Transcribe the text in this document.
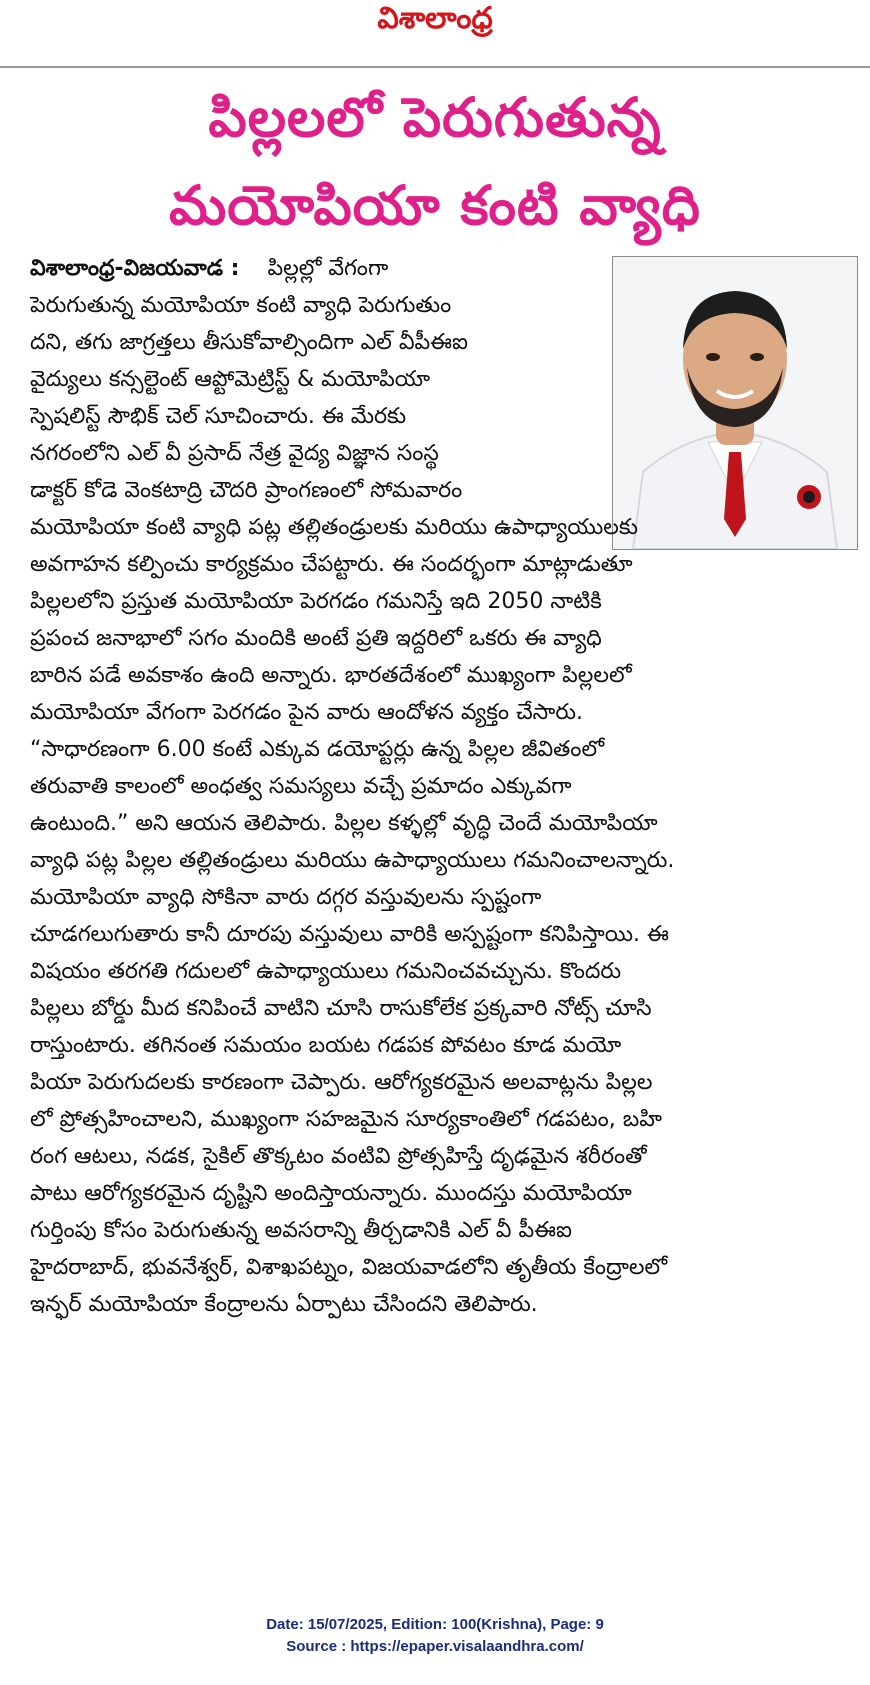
విశాలాంధ్ర
పిల్లలలో పెరుగుతున్న
మయోపియా కంటి వ్యాధి
విశాలాంధ్ర-విజయవాడ : పిల్లల్లో వేగంగా
పెరుగుతున్న మయోపియా కంటి వ్యాధి పెరుగుతుం
దని, తగు జాగ్రత్తలు తీసుకోవాల్సిందిగా ఎల్ వీపీఈఐ
వైద్యులు కన్సల్టెంట్ ఆప్టోమెట్రిస్ట్ & మయోపియా
స్పెషలిస్ట్ సౌభిక్ చెల్ సూచించారు. ఈ మేరకు
నగరంలోని ఎల్ వీ ప్రసాద్ నేత్ర వైద్య విజ్ఞాన సంస్థ
డాక్టర్ కోడె వెంకటాద్రి చౌదరి ప్రాంగణంలో సోమవారం
మయోపియా కంటి వ్యాధి పట్ల తల్లితండ్రులకు మరియు ఉపాధ్యాయులకు
అవగాహన కల్పించు కార్యక్రమం చేపట్టారు. ఈ సందర్భంగా మాట్లాడుతూ
పిల్లలలోని ప్రస్తుత మయోపియా పెరగడం గమనిస్తే ఇది 2050 నాటికి
ప్రపంచ జనాభాలో సగం మందికి అంటే ప్రతి ఇద్దరిలో ఒకరు ఈ వ్యాధి
బారిన పడే అవకాశం ఉంది అన్నారు. భారతదేశంలో ముఖ్యంగా పిల్లలలో
మయోపియా వేగంగా పెరగడం పైన వారు ఆందోళన వ్యక్తం చేసారు.
“సాధారణంగా 6.00 కంటే ఎక్కువ డయోప్టర్లు ఉన్న పిల్లల జీవితంలో
తరువాతి కాలంలో అంధత్వ సమస్యలు వచ్చే ప్రమాదం ఎక్కువగా
ఉంటుంది.” అని ఆయన తెలిపారు. పిల్లల కళ్ళల్లో వృద్ధి చెందే మయోపియా
వ్యాధి పట్ల పిల్లల తల్లితండ్రులు మరియు ఉపాధ్యాయులు గమనించాలన్నారు.
మయోపియా వ్యాధి సోకినా వారు దగ్గర వస్తువులను స్పష్టంగా
చూడగలుగుతారు కానీ దూరపు వస్తువులు వారికి అస్పష్టంగా కనిపిస్తాయి. ఈ
విషయం తరగతి గదులలో ఉపాధ్యాయులు గమనించవచ్చును. కొందరు
పిల్లలు బోర్డు మీద కనిపించే వాటిని చూసి రాసుకోలేక ప్రక్కవారి నోట్స్ చూసి
రాస్తుంటారు. తగినంత సమయం బయట గడపక పోవటం కూడ మయో
పియా పెరుగుదలకు కారణంగా చెప్పారు. ఆరోగ్యకరమైన అలవాట్లను పిల్లల
లో ప్రోత్సహించాలని, ముఖ్యంగా సహజమైన సూర్యకాంతిలో గడపటం, బహి
రంగ ఆటలు, నడక, సైకిల్ తొక్కటం వంటివి ప్రోత్సహిస్తే దృఢమైన శరీరంతో
పాటు ఆరోగ్యకరమైన దృష్టిని అందిస్తాయన్నారు. ముందస్తు మయోపియా
గుర్తింపు కోసం పెరుగుతున్న అవసరాన్ని తీర్చడానికి ఎల్ వీ పీఈఐ
హైదరాబాద్, భువనేశ్వర్, విశాఖపట్నం, విజయవాడలోని తృతీయ కేంద్రాలలో
ఇన్ఫర్ మయోపియా కేంద్రాలను ఏర్పాటు చేసిందని తెలిపారు.
Date: 15/07/2025, Edition: 100(Krishna), Page: 9
Source : https://epaper.visalaandhra.com/
